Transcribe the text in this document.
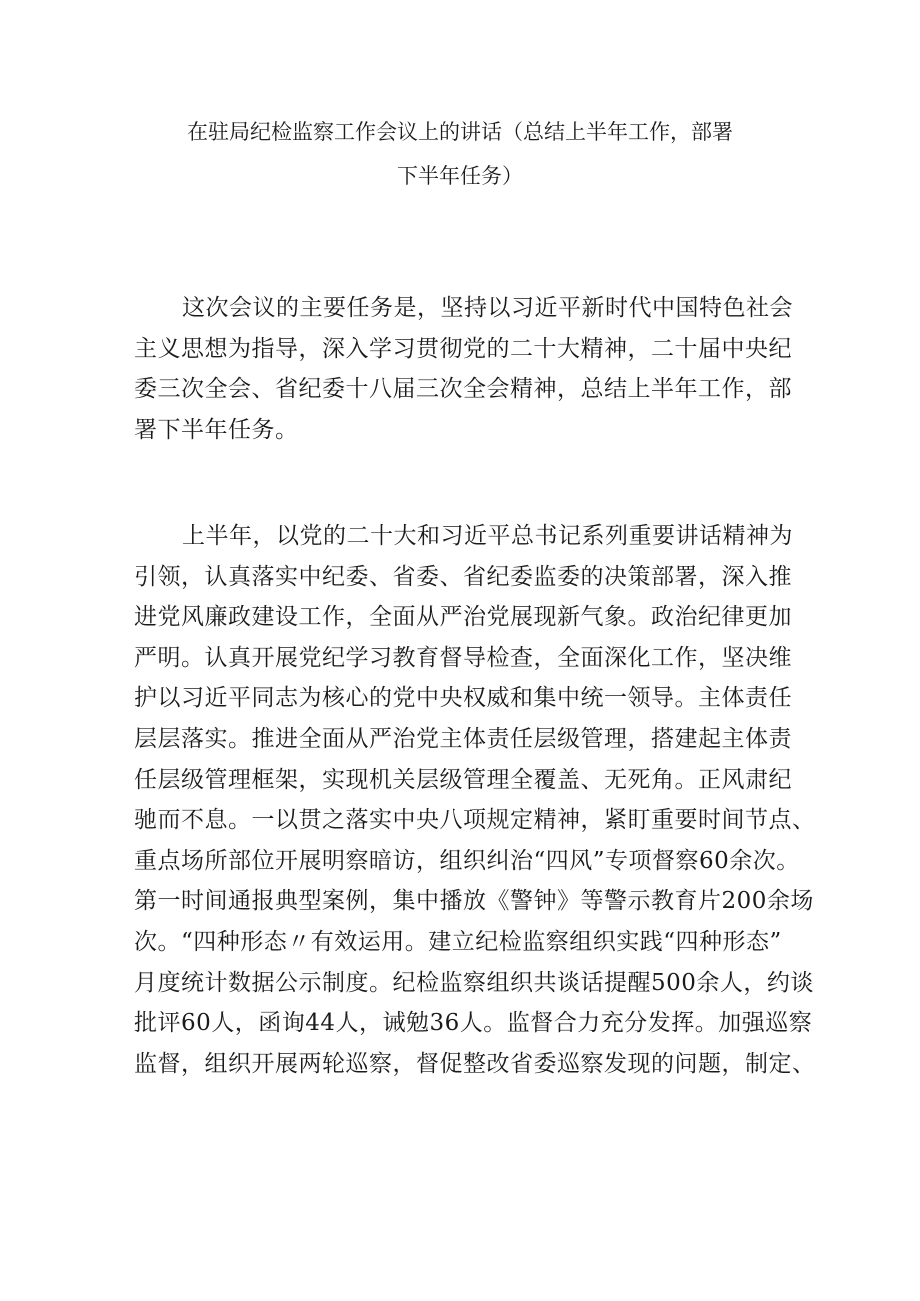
在驻局纪检监察工作会议上的讲话（总结上半年工作，部署
下半年任务）
这次会议的主要任务是，坚持以习近平新时代中国特色社会
主义思想为指导，深入学习贯彻党的二十大精神，二十届中央纪
委三次全会、省纪委十八届三次全会精神，总结上半年工作，部
署下半年任务。
上半年，以党的二十大和习近平总书记系列重要讲话精神为
引领，认真落实中纪委、省委、省纪委监委的决策部署，深入推
进党风廉政建设工作，全面从严治党展现新气象。政治纪律更加
严明。认真开展党纪学习教育督导检查，全面深化工作，坚决维
护以习近平同志为核心的党中央权威和集中统一领导。主体责任
层层落实。推进全面从严治党主体责任层级管理，搭建起主体责
任层级管理框架，实现机关层级管理全覆盖、无死角。正风肃纪
驰而不息。一以贯之落实中央八项规定精神，紧盯重要时间节点、
重点场所部位开展明察暗访，组织纠治“四风”专项督察60余次。
第一时间通报典型案例，集中播放《警钟》等警示教育片200余场
次。“四种形态〃有效运用。建立纪检监察组织实践“四种形态”
月度统计数据公示制度。纪检监察组织共谈话提醒500余人，约谈
批评60人，函询44人，诫勉36人。监督合力充分发挥。加强巡察
监督，组织开展两轮巡察，督促整改省委巡察发现的问题，制定、
